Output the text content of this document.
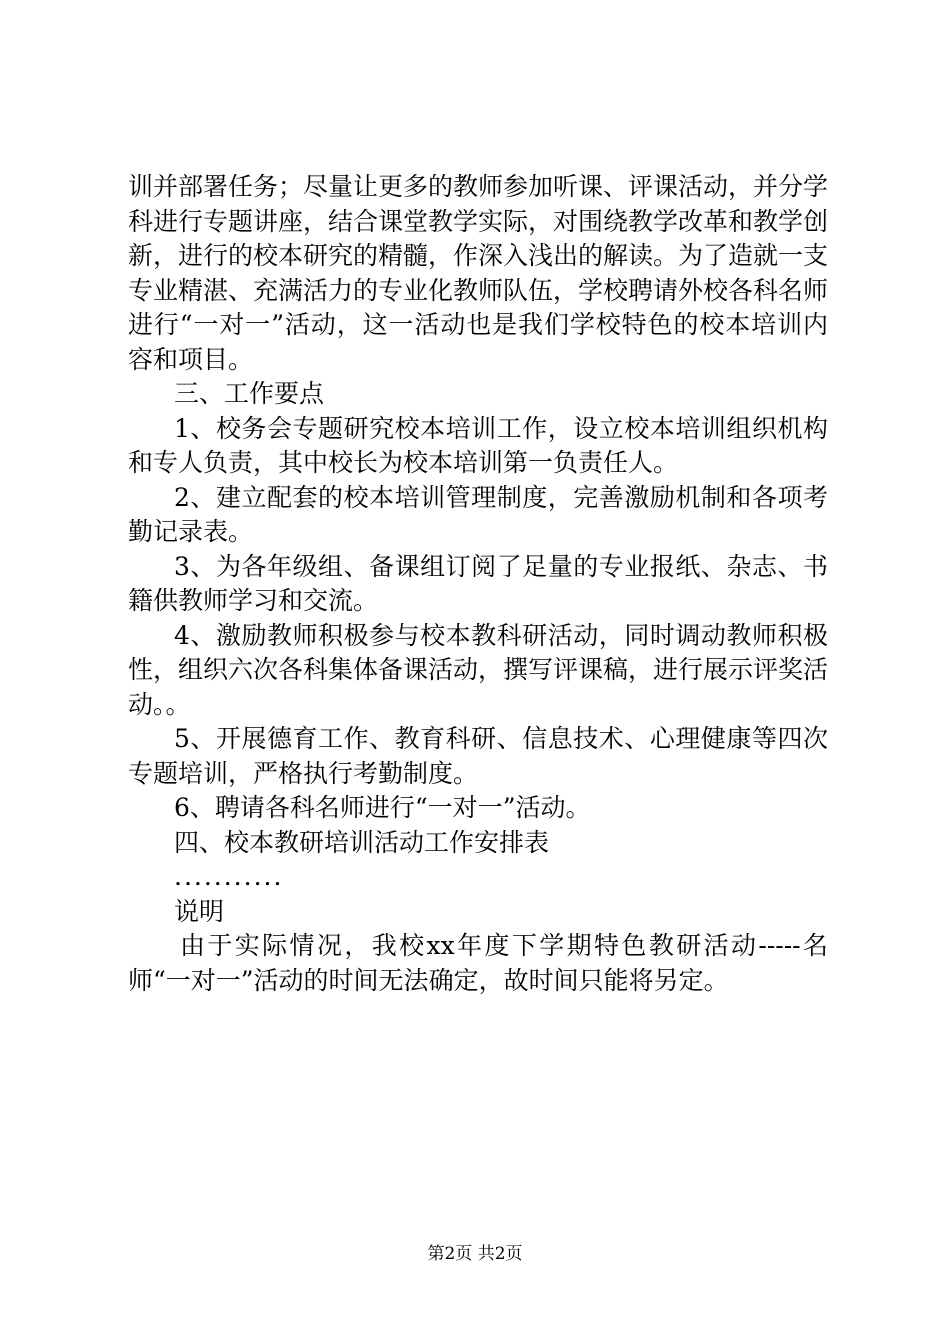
训并部署任务；尽量让更多的教师参加听课、评课活动，并分学科进行专题讲座，结合课堂教学实际，对围绕教学改革和教学创新，进行的校本研究的精髓，作深入浅出的解读。为了造就一支专业精湛、充满活力的专业化教师队伍，学校聘请外校各科名师进行“一对一”活动，这一活动也是我们学校特色的校本培训内容和项目。

三、工作要点

1、校务会专题研究校本培训工作，设立校本培训组织机构和专人负责，其中校长为校本培训第一负责任人。

2、建立配套的校本培训管理制度，完善激励机制和各项考勤记录表。

3、为各年级组、备课组订阅了足量的专业报纸、杂志、书籍供教师学习和交流。

4、激励教师积极参与校本教科研活动，同时调动教师积极性，组织六次各科集体备课活动，撰写评课稿，进行展示评奖活动。。

5、开展德育工作、教育科研、信息技术、心理健康等四次专题培训，严格执行考勤制度。

6、聘请各科名师进行“一对一”活动。

四、校本教研培训活动工作安排表

...........

说明

由于实际情况，我校xx年度下学期特色教研活动-----名师“一对一”活动的时间无法确定，故时间只能将另定。

第2页 共2页
